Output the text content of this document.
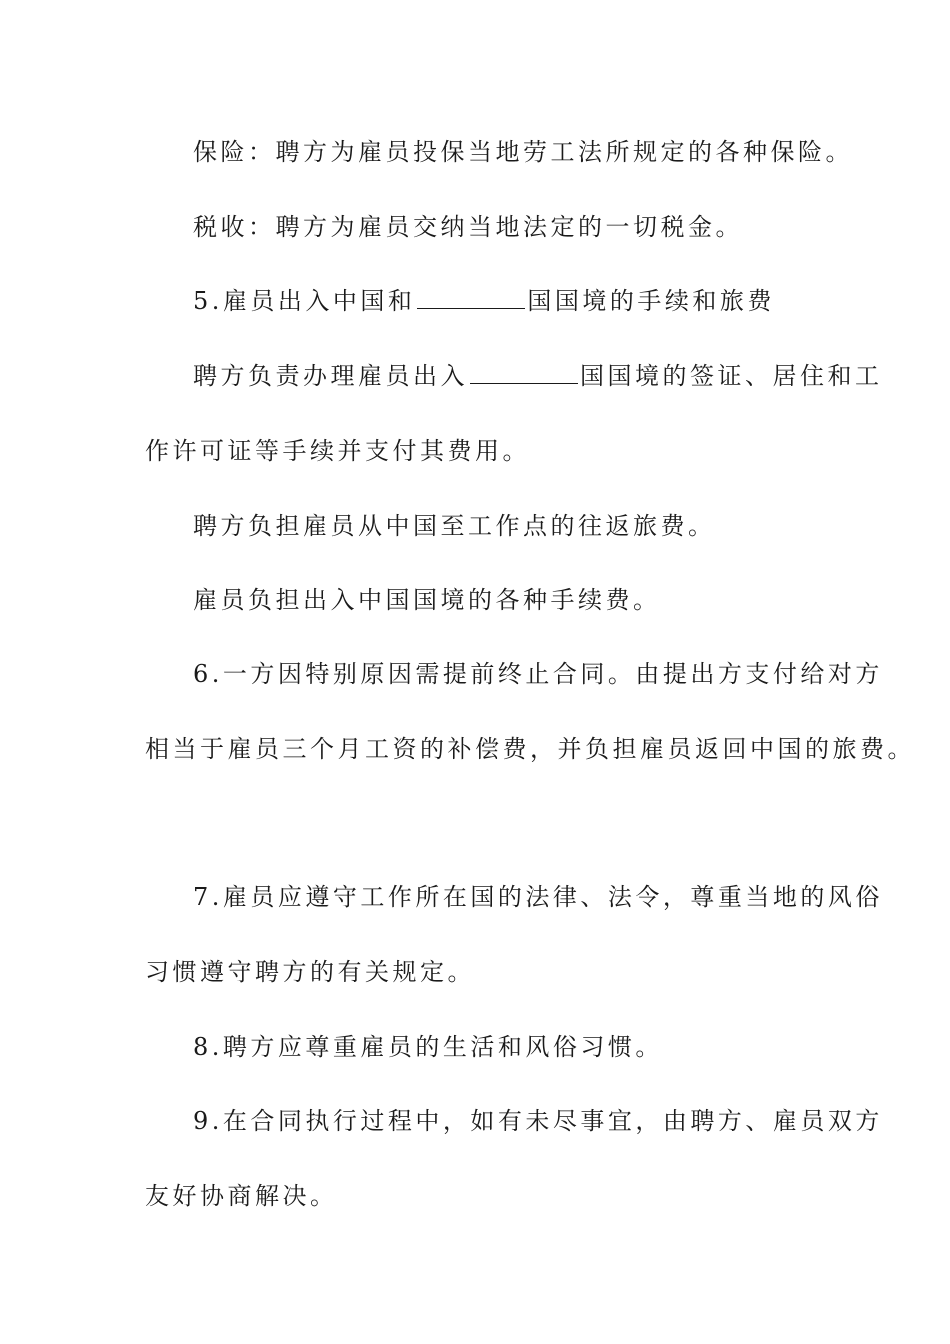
保险：聘方为雇员投保当地劳工法所规定的各种保险。
税收：聘方为雇员交纳当地法定的一切税金。
5.雇员出入中国和	国国境的手续和旅费
聘方负责办理雇员出入	国国境的签证、居住和工
作许可证等手续并支付其费用。
聘方负担雇员从中国至工作点的往返旅费。
雇员负担出入中国国境的各种手续费。
6.一方因特别原因需提前终止合同。由提出方支付给对方
相当于雇员三个月工资的补偿费，并负担雇员返回中国的旅费。
7.雇员应遵守工作所在国的法律、法令，尊重当地的风俗
习惯遵守聘方的有关规定。
8.聘方应尊重雇员的生活和风俗习惯。
9.在合同执行过程中，如有未尽事宜，由聘方、雇员双方
友好协商解决。
